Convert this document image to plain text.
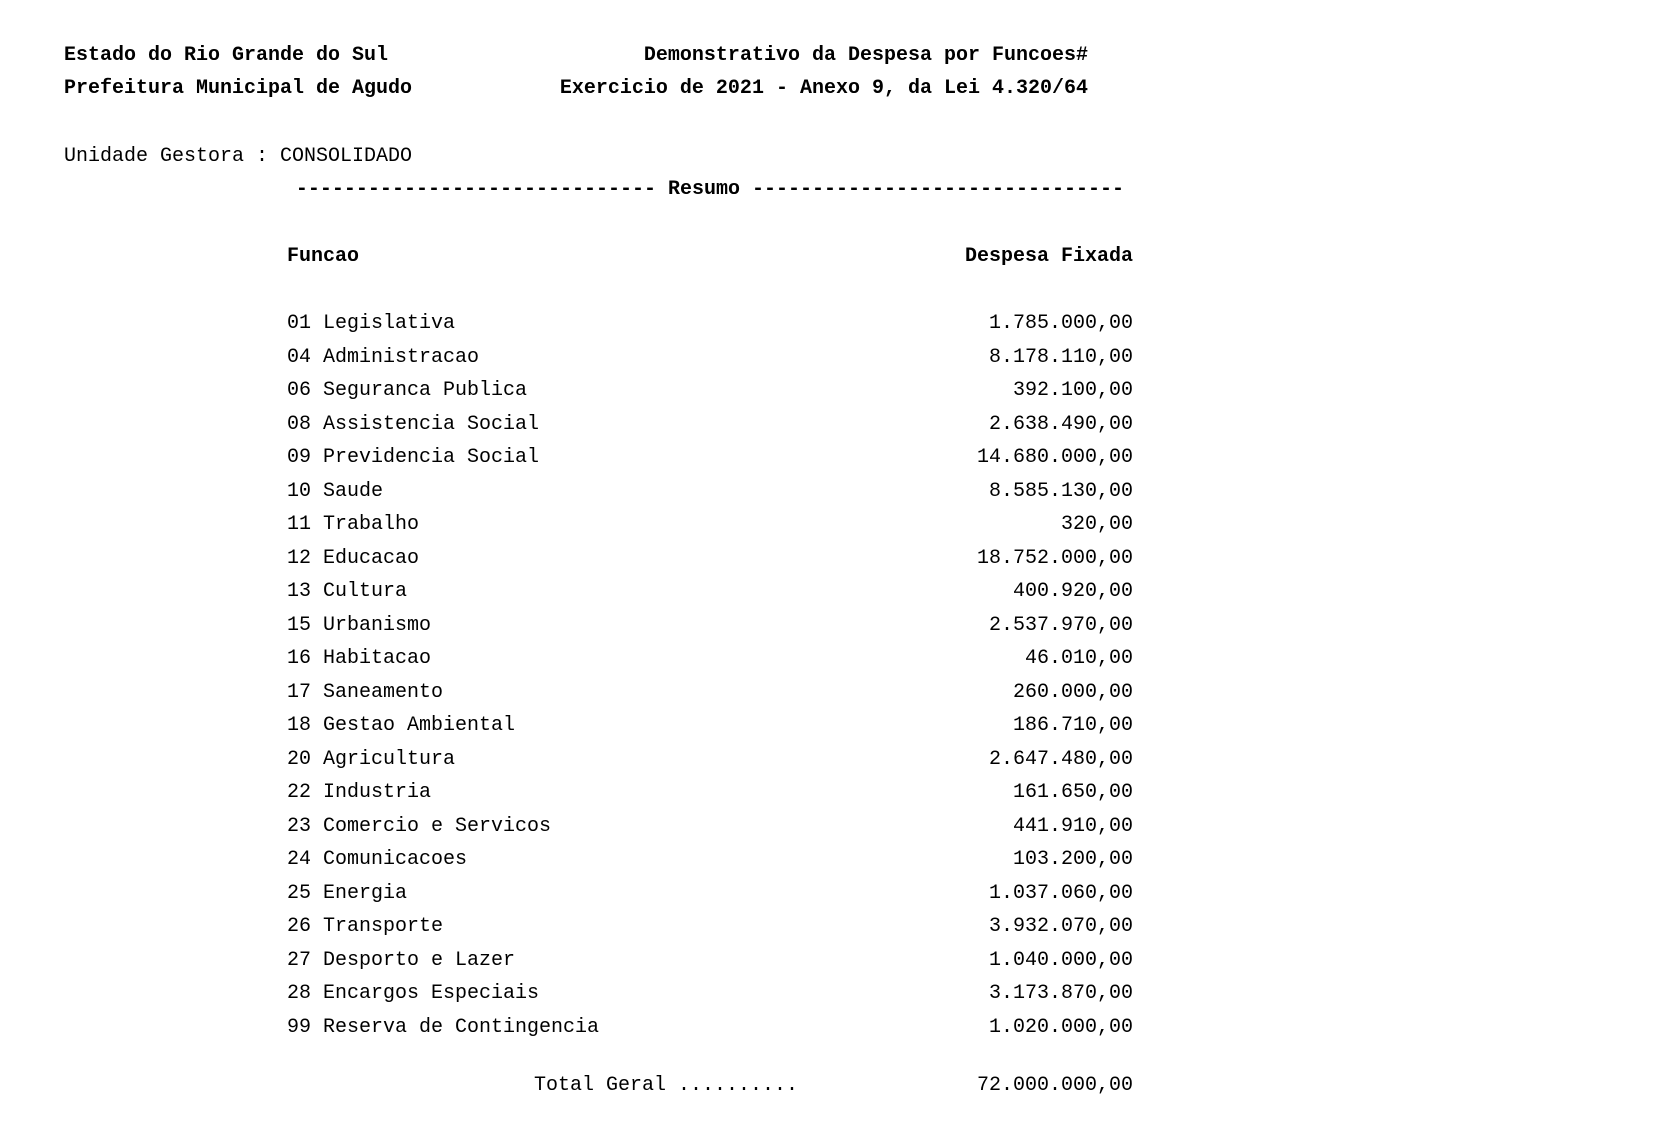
Estado do Rio Grande do Sul
Prefeitura Municipal de Agudo
Demonstrativo da Despesa por Funcoes#
Exercicio de 2021 - Anexo 9, da Lei 4.320/64
Unidade Gestora : CONSOLIDADO
------------------------------ Resumo -------------------------------
Funcao	Despesa Fixada
01 Legislativa	1.785.000,00
04 Administracao	8.178.110,00
06 Seguranca Publica	392.100,00
08 Assistencia Social	2.638.490,00
09 Previdencia Social	14.680.000,00
10 Saude	8.585.130,00
11 Trabalho	320,00
12 Educacao	18.752.000,00
13 Cultura	400.920,00
15 Urbanismo	2.537.970,00
16 Habitacao	46.010,00
17 Saneamento	260.000,00
18 Gestao Ambiental	186.710,00
20 Agricultura	2.647.480,00
22 Industria	161.650,00
23 Comercio e Servicos	441.910,00
24 Comunicacoes	103.200,00
25 Energia	1.037.060,00
26 Transporte	3.932.070,00
27 Desporto e Lazer	1.040.000,00
28 Encargos Especiais	3.173.870,00
99 Reserva de Contingencia	1.020.000,00
Total Geral ..........	72.000.000,00
